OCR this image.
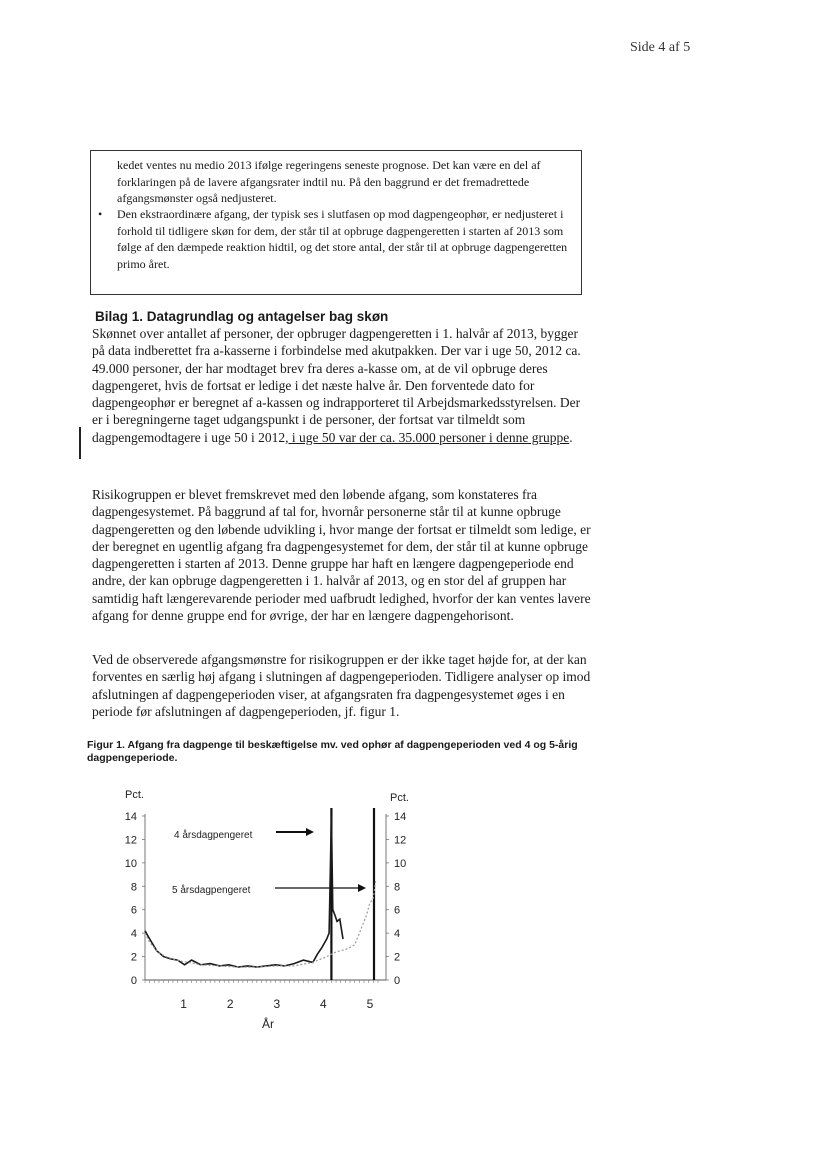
Side 4 af 5

kedet ventes nu medio 2013 ifølge regeringens seneste prognose. Det kan være en del af forklaringen på de lavere afgangsrater indtil nu. På den baggrund er det fremadrettede afgangsmønster også nedjusteret.

• Den ekstraordinære afgang, der typisk ses i slutfasen op mod dagpengeophør, er nedjusteret i forhold til tidligere skøn for dem, der står til at opbruge dagpengeretten i starten af 2013 som følge af den dæmpede reaktion hidtil, og det store antal, der står til at opbruge dagpengeretten primo året.

Bilag 1. Datagrundlag og antagelser bag skøn

Skønnet over antallet af personer, der opbruger dagpengeretten i 1. halvår af 2013, bygger på data indberettet fra a-kasserne i forbindelse med akutpakken. Der var i uge 50, 2012 ca. 49.000 personer, der har modtaget brev fra deres a-kasse om, at de vil opbruge deres dagpengeret, hvis de fortsat er ledige i det næste halve år. Den forventede dato for dagpengeophør er beregnet af a-kassen og indrapporteret til Arbejdsmarkedsstyrelsen. Der er i beregningerne taget udgangspunkt i de personer, der fortsat var tilmeldt som dagpengemodtagere i uge 50 i 2012, i uge 50 var der ca. 35.000 personer i denne gruppe.

Risikogruppen er blevet fremskrevet med den løbende afgang, som konstateres fra dagpengesystemet. På baggrund af tal for, hvornår personerne står til at kunne opbruge dagpengeretten og den løbende udvikling i, hvor mange der fortsat er tilmeldt som ledige, er der beregnet en ugentlig afgang fra dagpengesystemet for dem, der står til at kunne opbruge dagpengeretten i starten af 2013. Denne gruppe har haft en længere dagpengeperiode end andre, der kan opbruge dagpengeretten i 1. halvår af 2013, og en stor del af gruppen har samtidig haft længerevarende perioder med uafbrudt ledighed, hvorfor der kan ventes lavere afgang for denne gruppe end for øvrige, der har en længere dagpengehorisont.

Ved de observerede afgangsmønstre for risikogruppen er der ikke taget højde for, at der kan forventes en særlig høj afgang i slutningen af dagpengeperioden. Tidligere analyser op imod afslutningen af dagpengeperioden viser, at afgangsraten fra dagpengesystemet øges i en periode før afslutningen af dagpengeperioden, jf. figur 1.

Figur 1. Afgang fra dagpenge til beskæftigelse mv. ved ophør af dagpengeperioden ved 4 og 5-årig dagpengeperiode.
0	0
2	2
4	4
6	6
8	8
10	10
12	12
14	14
1	2	3	4	5
Pct.	Pct.
År
4 årsdagpengeret
5 årsdagpengeret
